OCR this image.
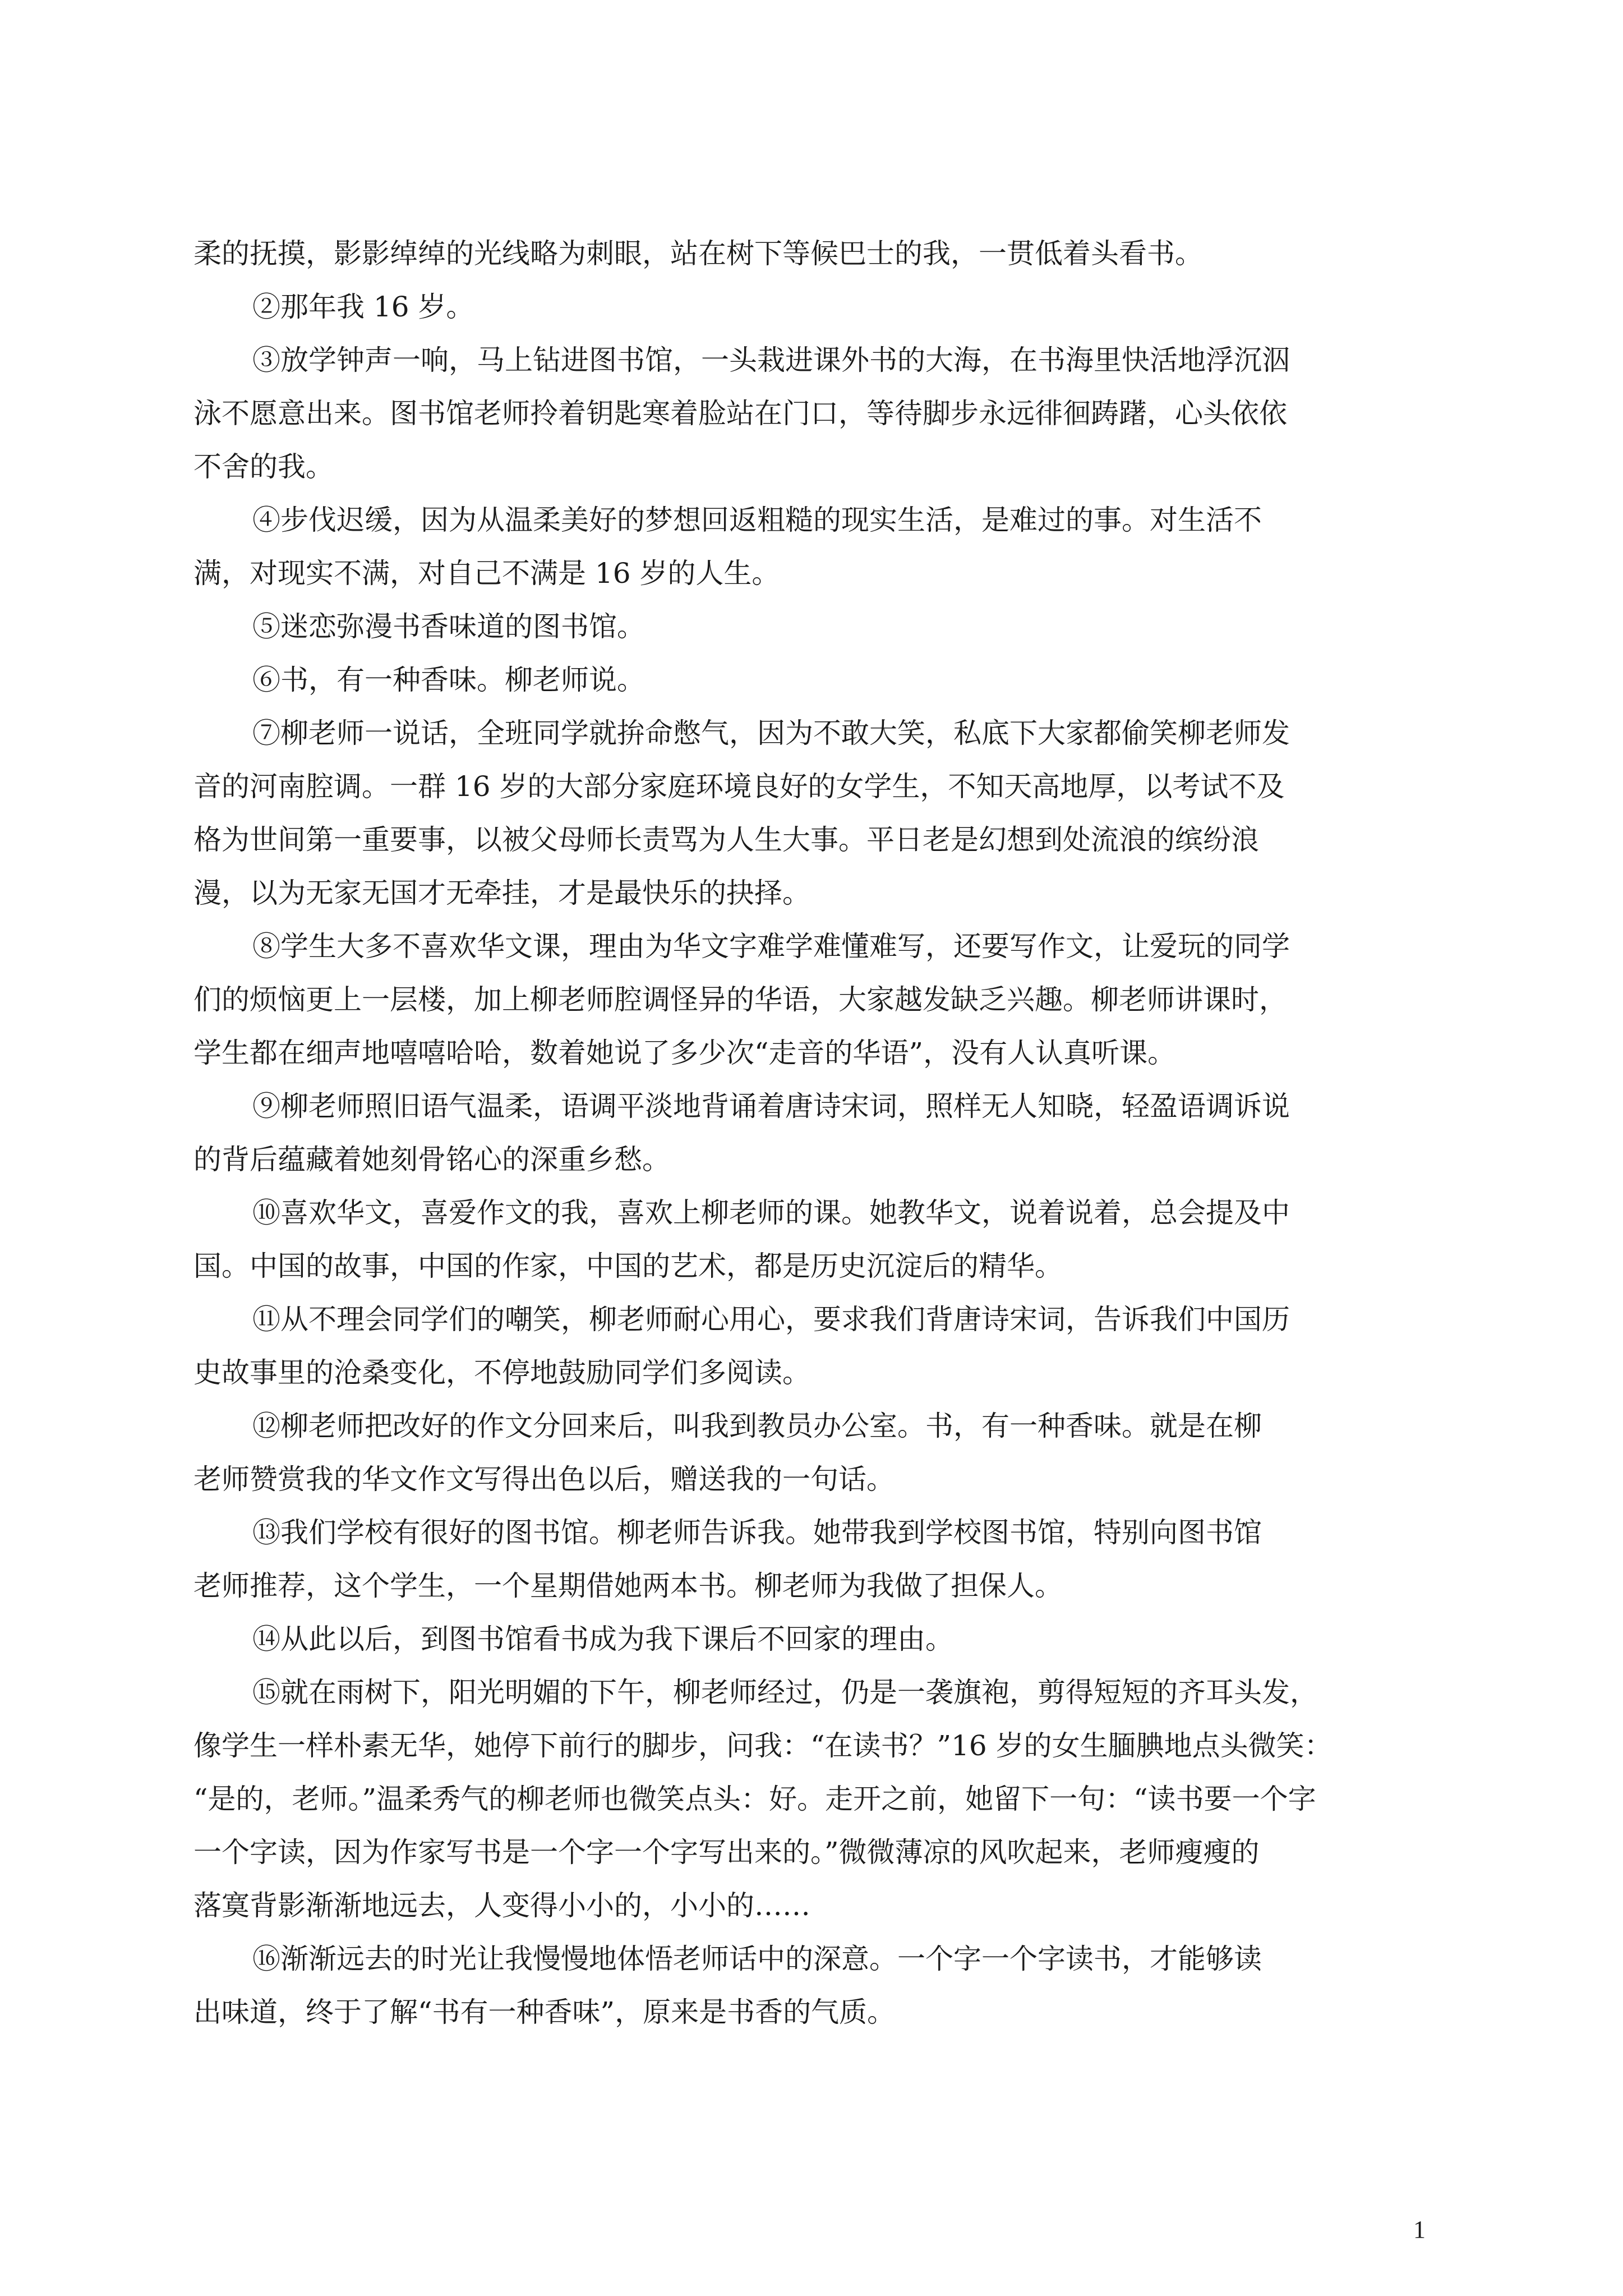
柔的抚摸，影影绰绰的光线略为刺眼，站在树下等候巴士的我，一贯低着头看书。

②那年我 16 岁。

③放学钟声一响，马上钻进图书馆，一头栽进课外书的大海，在书海里快活地浮沉泅
泳不愿意出来。图书馆老师拎着钥匙寒着脸站在门口，等待脚步永远徘徊踌躇，心头依依
不舍的我。

④步伐迟缓，因为从温柔美好的梦想回返粗糙的现实生活，是难过的事。对生活不
满，对现实不满，对自己不满是 16 岁的人生。

⑤迷恋弥漫书香味道的图书馆。

⑥书，有一种香味。柳老师说。

⑦柳老师一说话，全班同学就拚命憋气，因为不敢大笑，私底下大家都偷笑柳老师发
音的河南腔调。一群 16 岁的大部分家庭环境良好的女学生，不知天高地厚，以考试不及
格为世间第一重要事，以被父母师长责骂为人生大事。平日老是幻想到处流浪的缤纷浪
漫，以为无家无国才无牵挂，才是最快乐的抉择。

⑧学生大多不喜欢华文课，理由为华文字难学难懂难写，还要写作文，让爱玩的同学
们的烦恼更上一层楼，加上柳老师腔调怪异的华语，大家越发缺乏兴趣。柳老师讲课时，
学生都在细声地嘻嘻哈哈，数着她说了多少次“走音的华语”，没有人认真听课。

⑨柳老师照旧语气温柔，语调平淡地背诵着唐诗宋词，照样无人知晓，轻盈语调诉说
的背后蕴藏着她刻骨铭心的深重乡愁。

⑩喜欢华文，喜爱作文的我，喜欢上柳老师的课。她教华文，说着说着，总会提及中
国。中国的故事，中国的作家，中国的艺术，都是历史沉淀后的精华。

⑪从不理会同学们的嘲笑，柳老师耐心用心，要求我们背唐诗宋词，告诉我们中国历
史故事里的沧桑变化，不停地鼓励同学们多阅读。

⑫柳老师把改好的作文分回来后，叫我到教员办公室。书，有一种香味。就是在柳
老师赞赏我的华文作文写得出色以后，赠送我的一句话。

⑬我们学校有很好的图书馆。柳老师告诉我。她带我到学校图书馆，特别向图书馆
老师推荐，这个学生，一个星期借她两本书。柳老师为我做了担保人。

⑭从此以后，到图书馆看书成为我下课后不回家的理由。

⑮就在雨树下，阳光明媚的下午，柳老师经过，仍是一袭旗袍，剪得短短的齐耳头发，
像学生一样朴素无华，她停下前行的脚步，问我：“在读书？”16 岁的女生腼腆地点头微笑：
“是的，老师。”温柔秀气的柳老师也微笑点头：好。走开之前，她留下一句：“读书要一个字
一个字读，因为作家写书是一个字一个字写出来的。”微微薄凉的风吹起来，老师瘦瘦的
落寞背影渐渐地远去，人变得小小的，小小的……

⑯渐渐远去的时光让我慢慢地体悟老师话中的深意。一个字一个字读书，才能够读
出味道，终于了解“书有一种香味”，原来是书香的气质。

1
